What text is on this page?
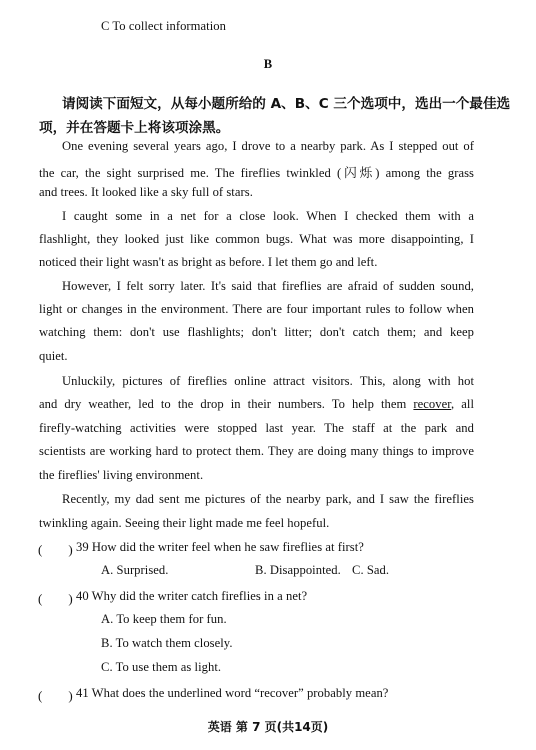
C To collect information
B
请阅读下面短文，从每小题所给的 A、B、C 三个选项中，选出一个最佳选
项，并在答题卡上将该项涂黑。
One evening several years ago, I drove to a nearby park. As I stepped out of
the car, the sight surprised me. The fireflies twinkled (闪烁) among the grass
and trees. It looked like a sky full of stars.
I caught some in a net for a close look. When I checked them with a
flashlight, they looked just like common bugs. What was more disappointing, I
noticed their light wasn't as bright as before. I let them go and left.
However, I felt sorry later. It's said that fireflies are afraid of sudden sound,
light or changes in the environment. There are four important rules to follow when
watching them: don't use flashlights; don't litter; don't catch them; and keep
quiet.
Unluckily, pictures of fireflies online attract visitors. This, along with hot
and dry weather, led to the drop in their numbers. To help them recover, all
firefly-watching activities were stopped last year. The staff at the park and
scientists are working hard to protect them. They are doing many things to improve
the fireflies' living environment.
Recently, my dad sent me pictures of the nearby park, and I saw the fireflies
twinkling again. Seeing their light made me feel hopeful.
(　　) 39 How did the writer feel when he saw fireflies at first?
A. Surprised.	B. Disappointed. C. Sad.
(　　) 40 Why did the writer catch fireflies in a net?
A. To keep them for fun.
B. To watch them closely.
C. To use them as light.
(　　) 41 What does the underlined word “recover” probably mean?
英语 第 7 页(共14页)
